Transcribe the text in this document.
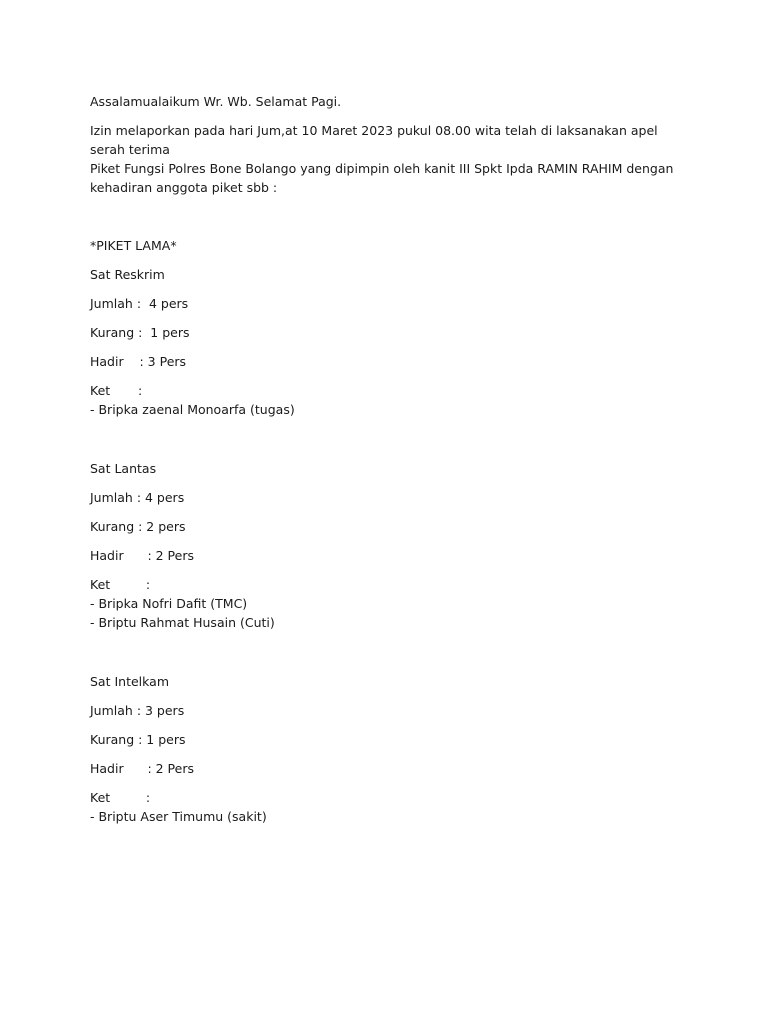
Assalamualaikum Wr. Wb. Selamat Pagi.

Izin melaporkan pada hari Jum,at 10 Maret 2023 pukul 08.00 wita telah di laksanakan apel serah terima

Piket Fungsi Polres Bone Bolango yang dipimpin oleh kanit III Spkt Ipda RAMIN RAHIM dengan

kehadiran anggota piket sbb :

*PIKET LAMA*

Sat Reskrim

Jumlah :  4 pers

Kurang :  1 pers

Hadir    : 3 Pers

Ket       :

- Bripka zaenal Monoarfa (tugas)

Sat Lantas

Jumlah : 4 pers

Kurang : 2 pers

Hadir      : 2 Pers

Ket         :

- Bripka Nofri Dafit (TMC)

- Briptu Rahmat Husain (Cuti)

Sat Intelkam

Jumlah : 3 pers

Kurang : 1 pers

Hadir      : 2 Pers

Ket         :

- Briptu Aser Timumu (sakit)
